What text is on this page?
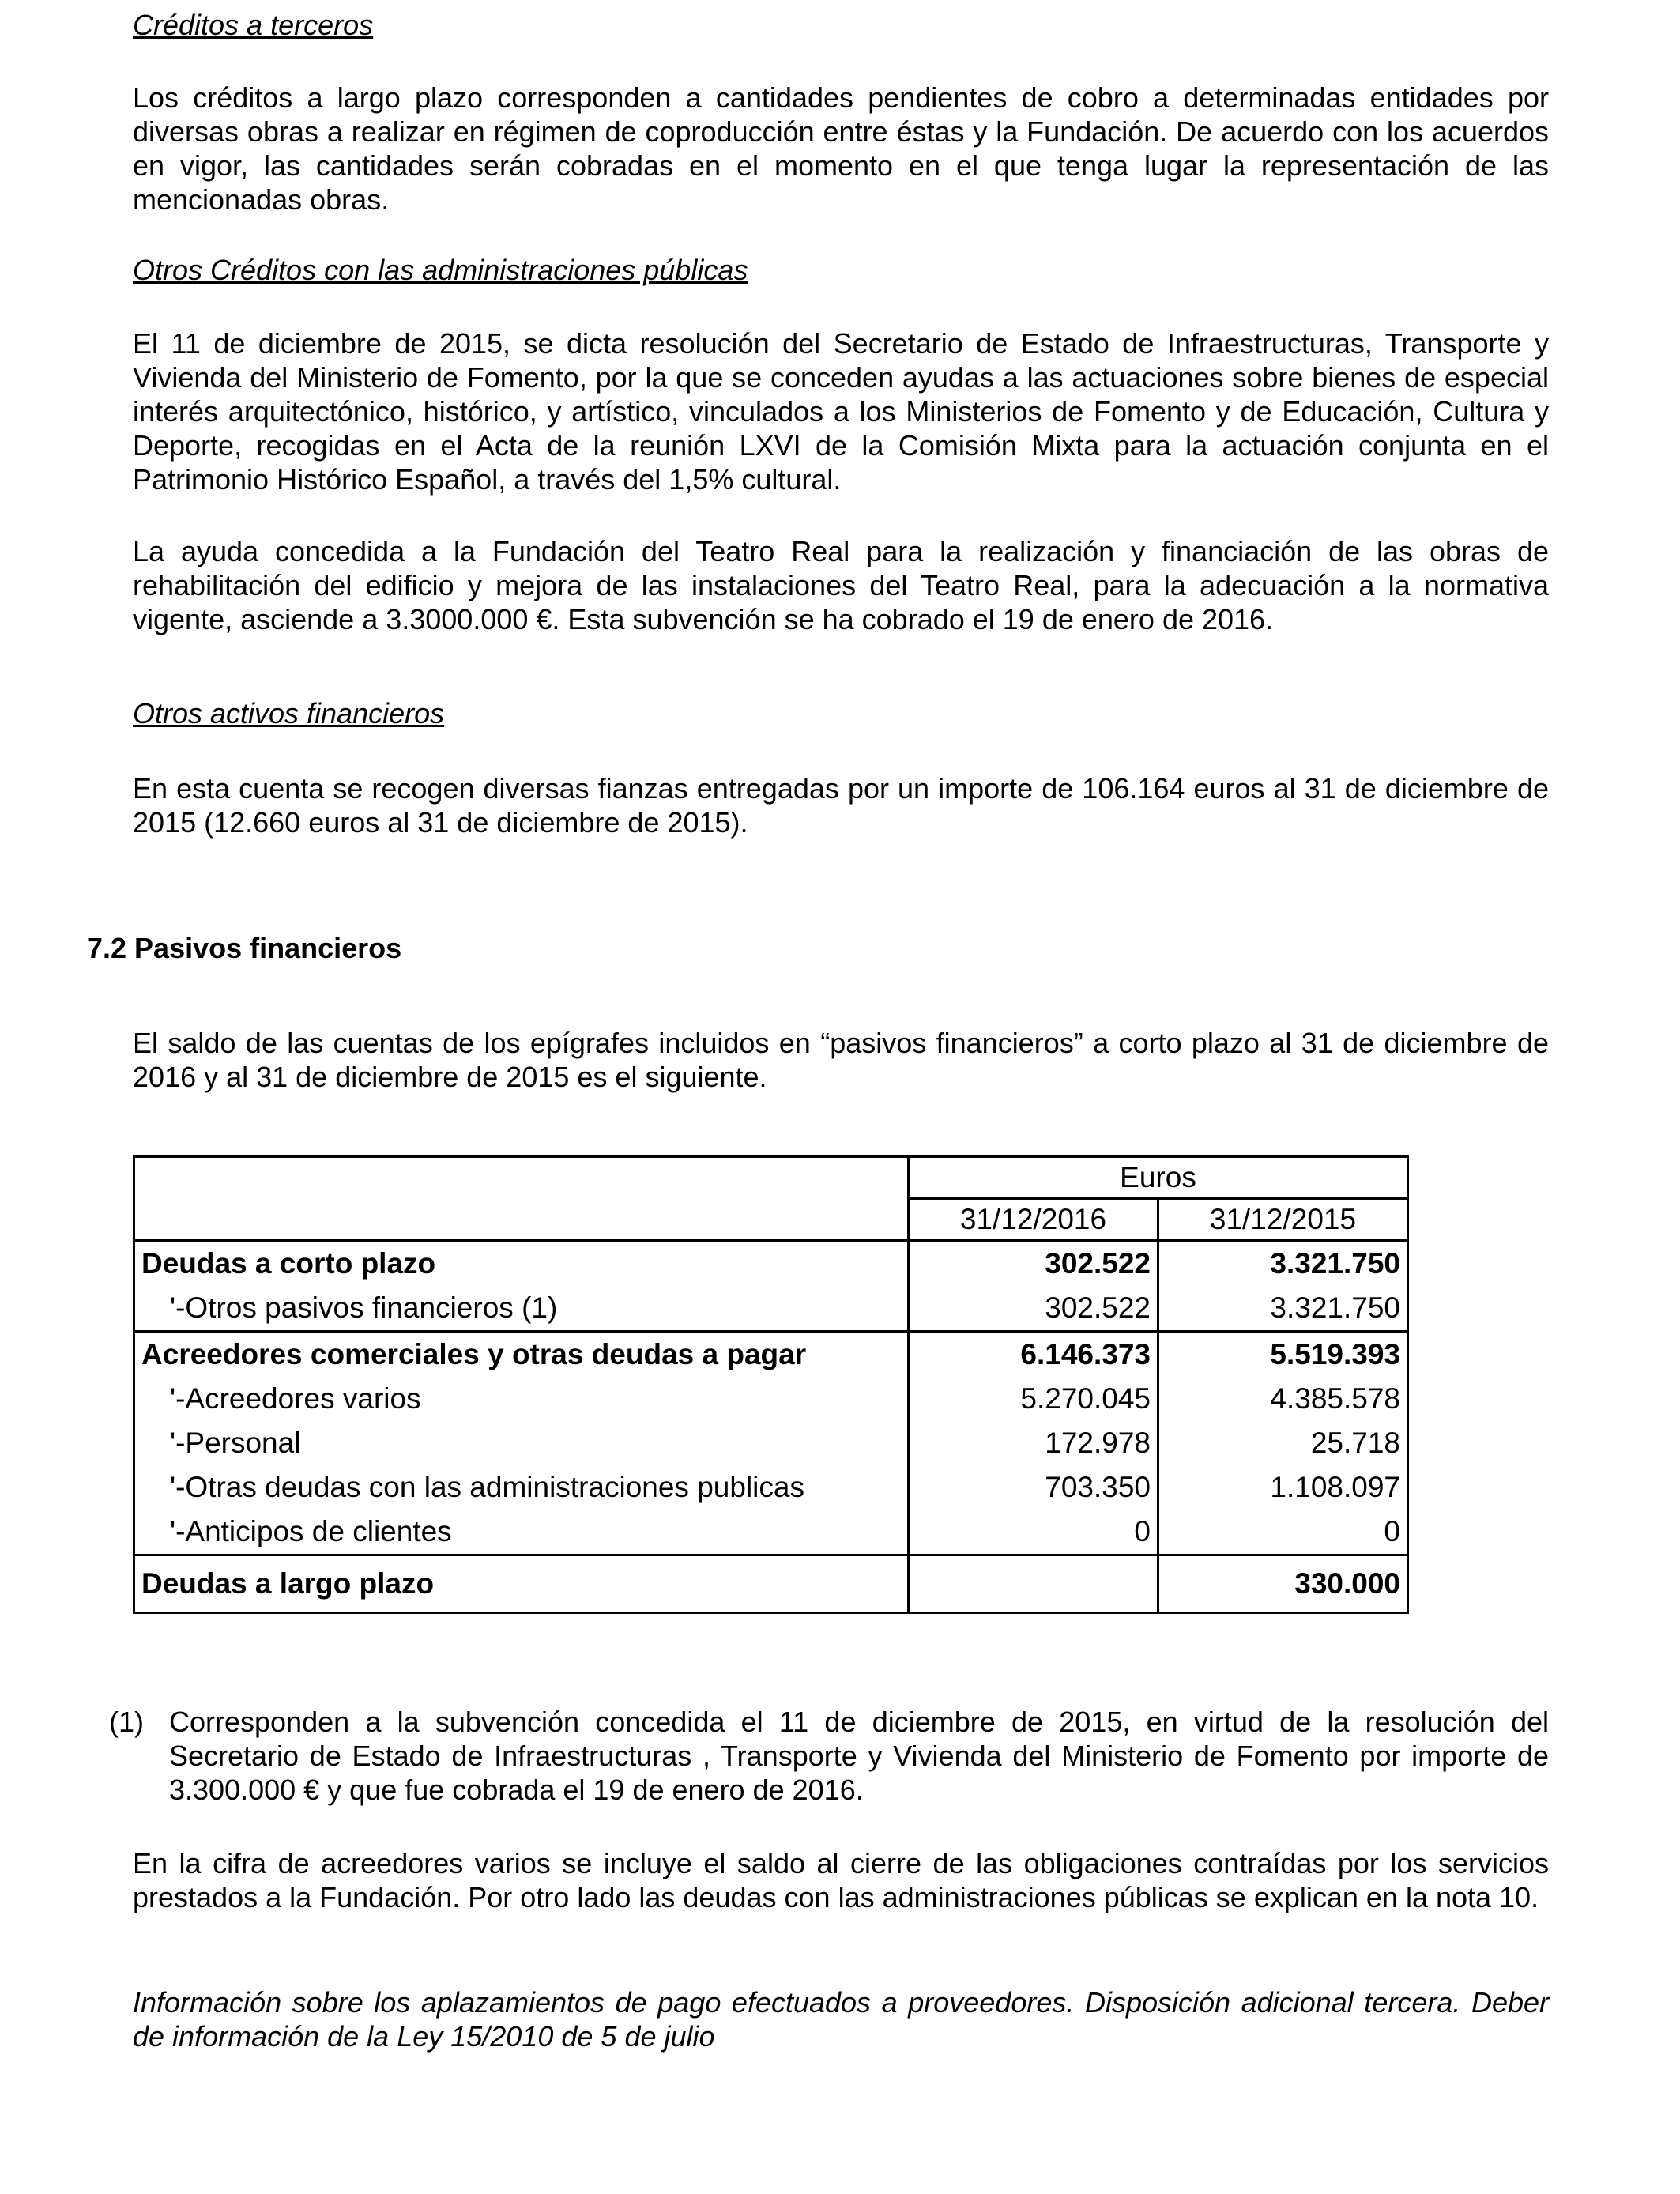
Créditos a terceros

Los créditos a largo plazo corresponden a cantidades pendientes de cobro a determinadas entidades por diversas obras a realizar en régimen de coproducción entre éstas y la Fundación. De acuerdo con los acuerdos en vigor, las cantidades serán cobradas en el momento en el que tenga lugar la representación de las mencionadas obras.

Otros Créditos con las administraciones públicas

El 11 de diciembre de 2015, se dicta resolución del Secretario de Estado de Infraestructuras, Transporte y Vivienda del Ministerio de Fomento, por la que se conceden ayudas a las actuaciones sobre bienes de especial interés arquitectónico, histórico, y artístico, vinculados a los Ministerios de Fomento y de Educación, Cultura y Deporte, recogidas en el Acta de la reunión LXVI de la Comisión Mixta para la actuación conjunta en el Patrimonio Histórico Español, a través del 1,5% cultural.

La ayuda concedida a la Fundación del Teatro Real para la realización y financiación de las obras de rehabilitación del edificio y mejora de las instalaciones del Teatro Real, para la adecuación a la normativa vigente, asciende a 3.3000.000 €. Esta subvención se ha cobrado el 19 de enero de 2016.

Otros activos financieros

En esta cuenta se recogen diversas fianzas entregadas por un importe de 106.164 euros al 31 de diciembre de 2015 (12.660 euros al 31 de diciembre de 2015).

7.2 Pasivos financieros

El saldo de las cuentas de los epígrafes incluidos en “pasivos financieros” a corto plazo al 31 de diciembre de 2016 y al 31 de diciembre de 2015 es el siguiente.

	Euros	
	31/12/2016	31/12/2015
Deudas a corto plazo	302.522	3.321.750
'-Otros pasivos financieros (1)	302.522	3.321.750
Acreedores comerciales y otras deudas a pagar	6.146.373	5.519.393
'-Acreedores varios	5.270.045	4.385.578
'-Personal	172.978	25.718
'-Otras deudas con las administraciones publicas	703.350	1.108.097
'-Anticipos de clientes	0	0
Deudas a largo plazo		330.000
(1) Corresponden a la subvención concedida el 11 de diciembre de 2015, en virtud de la resolución del Secretario de Estado de Infraestructuras , Transporte y Vivienda del Ministerio de Fomento por importe de 3.300.000 € y que fue cobrada el 19 de enero de 2016.

En la cifra de acreedores varios se incluye el saldo al cierre de las obligaciones contraídas por los servicios prestados a la Fundación. Por otro lado las deudas con las administraciones públicas se explican en la nota 10.

Información sobre los aplazamientos de pago efectuados a proveedores. Disposición adicional tercera. Deber de información de la Ley 15/2010 de 5 de julio
